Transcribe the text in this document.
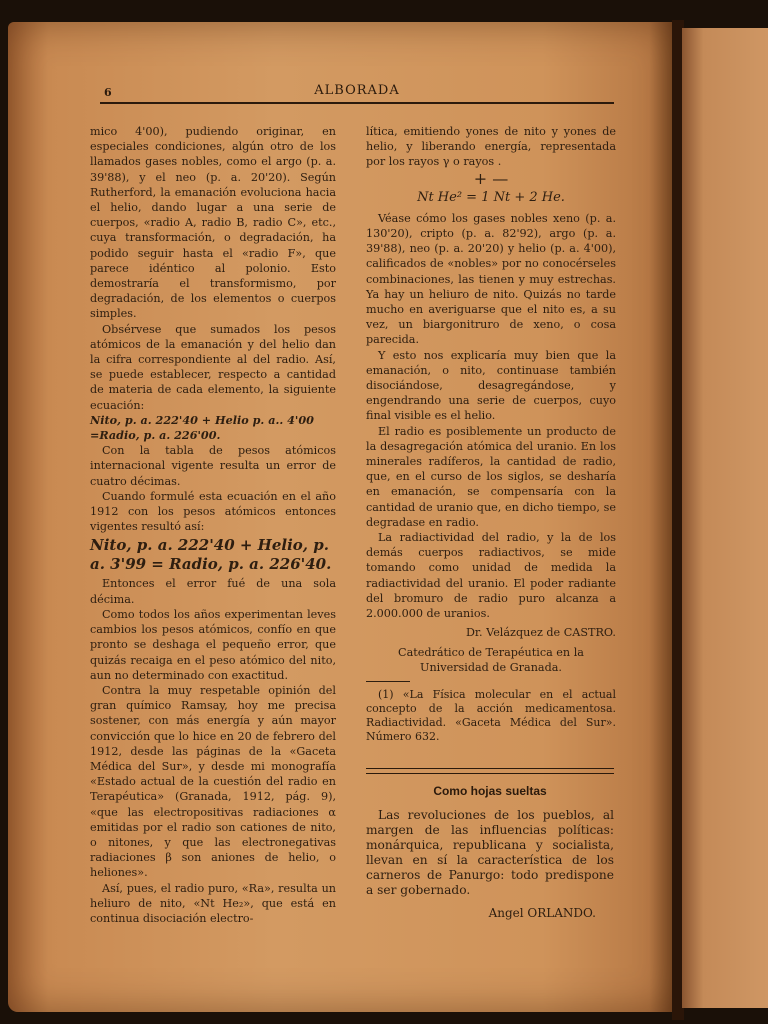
6	ALBORADA

mico 4'00), pudiendo originar, en especiales condiciones, algún otro de los llamados gases nobles, como el argo (p. a. 39'88), y el neo (p. a. 20'20). Según Rutherford, la emanación evoluciona hacia el helio, dando lugar a una serie de cuerpos, «radio A, radio B, radio C», etc., cuya transformación, o degradación, ha podido seguir hasta el «radio F», que parece idéntico al polonio. Esto demostraría el transformismo, por degradación, de los elementos o cuerpos simples.

Obsérvese que sumados los pesos atómicos de la emanación y del helio dan la cifra correspondiente al del radio. Así, se puede establecer, respecto a cantidad de materia de cada elemento, la siguiente ecuación:

Nito, p. a. 222'40 + Helio p. a.. 4'00 =Radio, p. a. 226'00.

Con la tabla de pesos atómicos internacional vigente resulta un error de cuatro décimas.

Cuando formulé esta ecuación en el año 1912 con los pesos atómicos entonces vigentes resultó así:

Nito, p. a. 222'40 + Helio, p. a. 3'99 = Radio, p. a. 226'40.

Entonces el error fué de una sola décima.

Como todos los años experimentan leves cambios los pesos atómicos, confío en que pronto se deshaga el pequeño error, que quizás recaiga en el peso atómico del nito, aun no determinado con exactitud.

Contra la muy respetable opinión del gran químico Ramsay, hoy me precisa sostener, con más energía y aún mayor convicción que lo hice en 20 de febrero del 1912, desde las páginas de la «Gaceta Médica del Sur», y desde mi monografía «Estado actual de la cuestión del radio en Terapéutica» (Granada, 1912, pág. 9), «que las electropositivas radiaciones α emitidas por el radio son cationes de nito, o nitones, y que las electronegativas radiaciones β son aniones de helio, o heliones».

Así, pues, el radio puro, «Ra», resulta un heliuro de nito, «Nt He₂», que está en continua disociación electro-

lítica, emitiendo yones de nito y yones de helio, y liberando energía, representada por los rayos γ o rayos .

+ —

Nt He² = 1 Nt + 2 He.

Véase cómo los gases nobles xeno (p. a. 130'20), cripto (p. a. 82'92), argo (p. a. 39'88), neo (p. a. 20'20) y helio (p. a. 4'00), calificados de «nobles» por no conocérseles combinaciones, las tienen y muy estrechas. Ya hay un heliuro de nito. Quizás no tarde mucho en averiguarse que el nito es, a su vez, un biargonitruro de xeno, o cosa parecida.

Y esto nos explicaría muy bien que la emanación, o nito, continuase también disociándose, desagregándose, y engendrando una serie de cuerpos, cuyo final visible es el helio.

El radio es posiblemente un producto de la desagregación atómica del uranio. En los minerales radíferos, la cantidad de radio, que, en el curso de los siglos, se desharía en emanación, se compensaría con la cantidad de uranio que, en dicho tiempo, se degradase en radio.

La radiactividad del radio, y la de los demás cuerpos radiactivos, se mide tomando como unidad de medida la radiactividad del uranio. El poder radiante del bromuro de radio puro alcanza a 2.000.000 de uranios.

Dr. Velázquez de CASTRO.

Catedrático de Terapéutica en la Universidad de Granada.

(1) «La Física molecular en el actual concepto de la acción medicamentosa. Radiactividad. «Gaceta Médica del Sur». Número 632.

Como hojas sueltas

Las revoluciones de los pueblos, al margen de las influencias políticas: monárquica, republicana y socialista, llevan en sí la característica de los carneros de Panurgo: todo predispone a ser gobernado.

Angel ORLANDO.
